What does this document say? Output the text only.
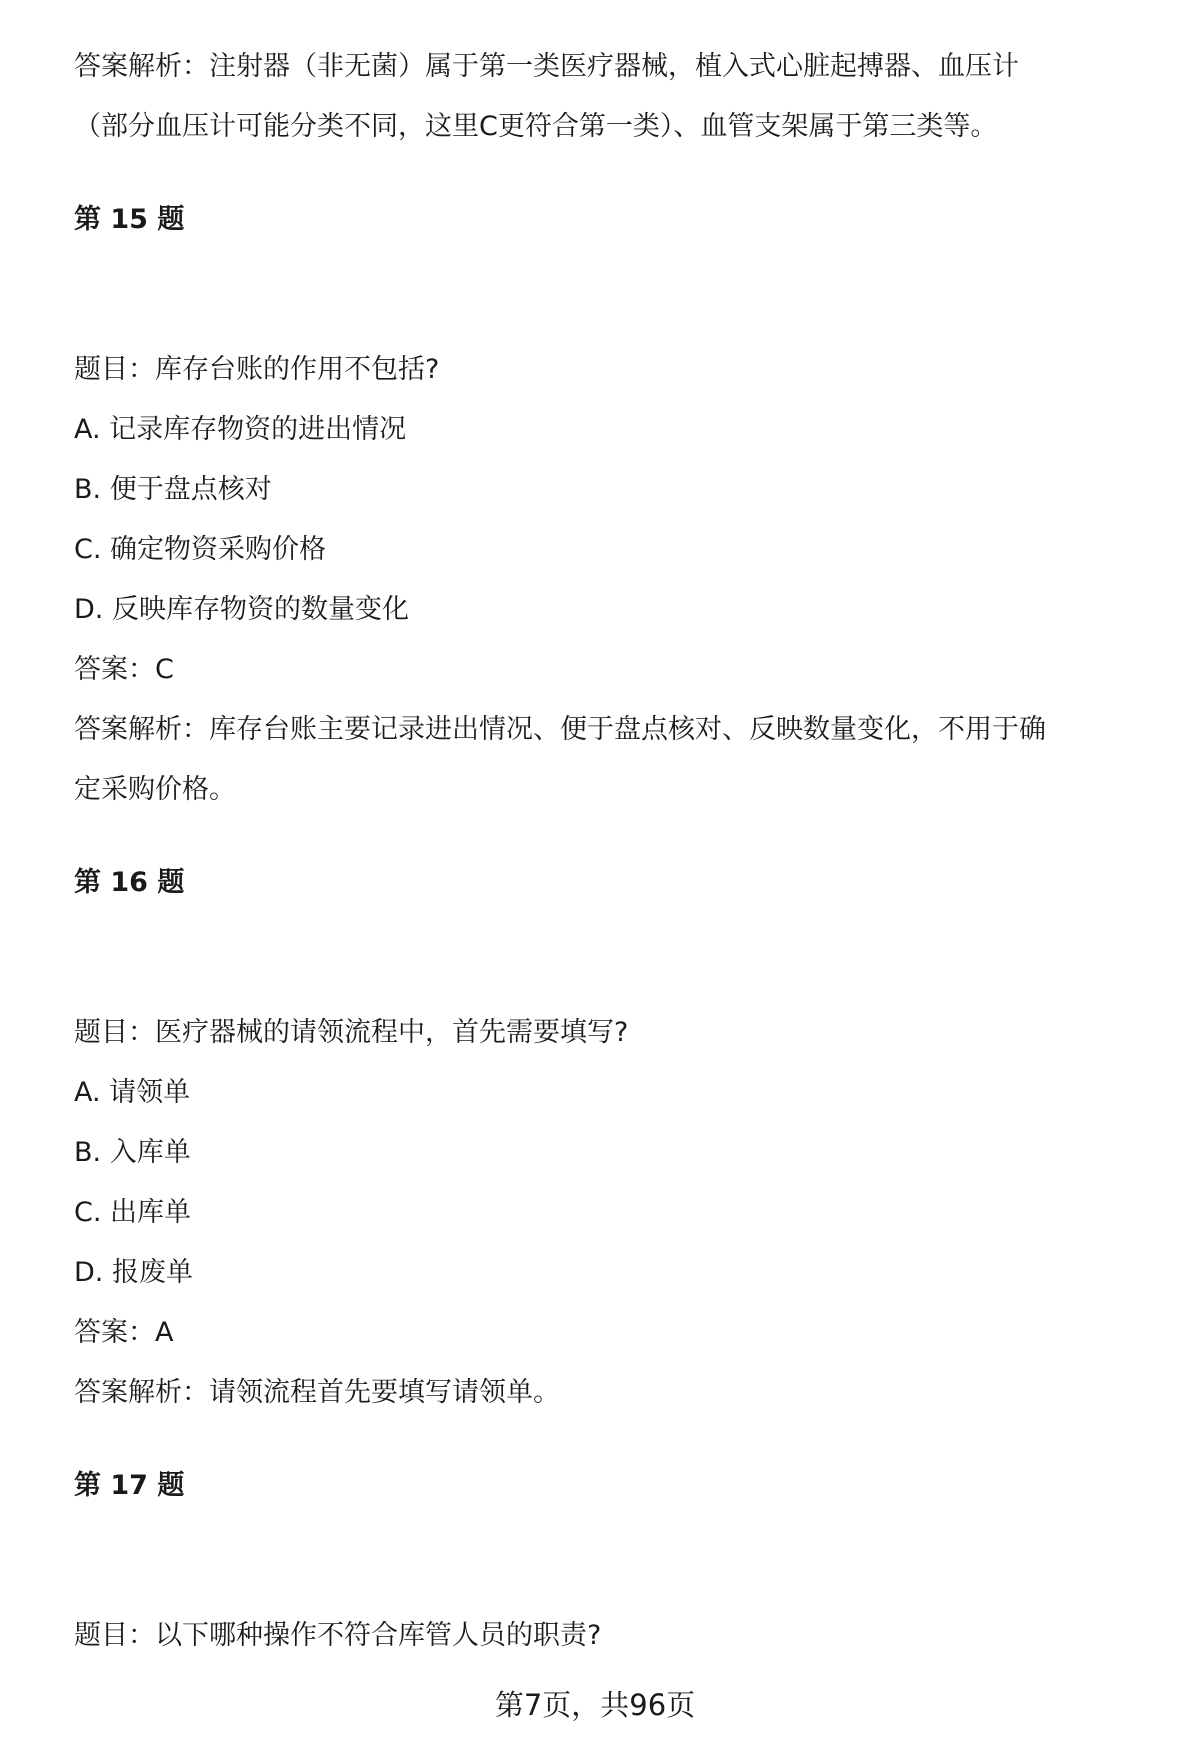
答案解析：注射器（非无菌）属于第一类医疗器械，植入式心脏起搏器、血压计
（部分血压计可能分类不同，这里C更符合第一类）、血管支架属于第三类等。
第 15 题
题目：库存台账的作用不包括?
A. 记录库存物资的进出情况
B. 便于盘点核对
C. 确定物资采购价格
D. 反映库存物资的数量变化
答案：C
答案解析：库存台账主要记录进出情况、便于盘点核对、反映数量变化，不用于确
定采购价格。
第 16 题
题目：医疗器械的请领流程中，首先需要填写?
A. 请领单
B. 入库单
C. 出库单
D. 报废单
答案：A
答案解析：请领流程首先要填写请领单。
第 17 题
题目：以下哪种操作不符合库管人员的职责?
第7页，共96页
